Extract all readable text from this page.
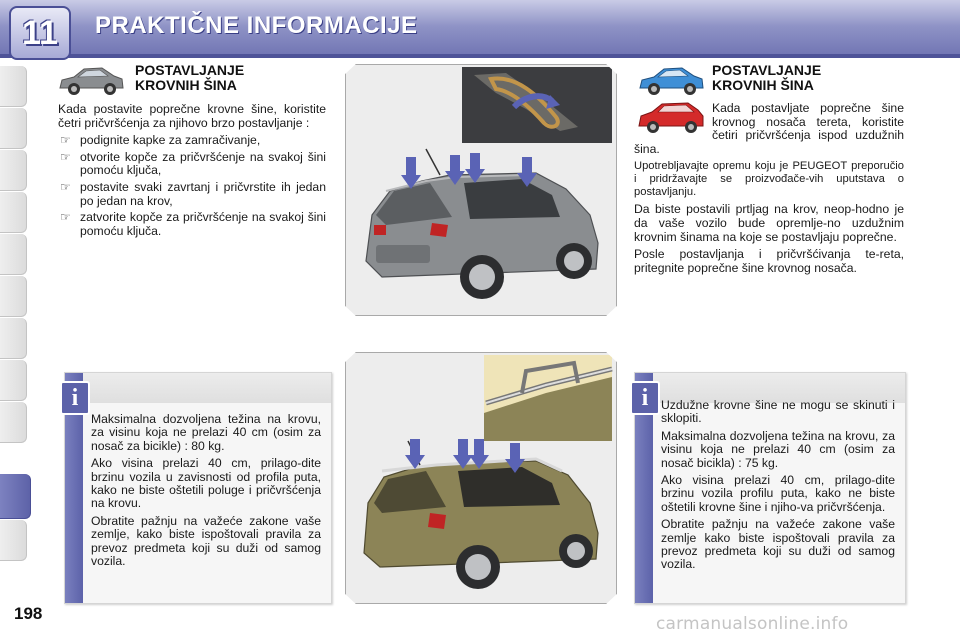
11	PRAKTIČNE INFORMACIJE
198
POSTAVLJANJE
KROVNIH ŠINA

Kada postavite poprečne krovne šine, koristite četri pričvršćenja za njihovo brzo postavljanje :

☞ podignite kapke za zamračivanje,
☞ otvorite kopče za pričvršćenje na svakoj šini pomoću ključa,
☞ postavite svaki zavrtanj i pričvrstite ih jedan po jedan na krov,
☞ zatvorite kopče za pričvršćenje na svakoj šini pomoću ključa.
POSTAVLJANJE
KROVNIH ŠINA

Kada postavljate poprečne šine krovnog nosača tereta, koristite četiri pričvršćenja ispod uzdužnih šina.

Upotrebljavajte opremu koju je PEUGEOT preporučio i pridržavajte se proizvođače-vih uputstava o postavljanju.

Da biste postavili prtljag na krov, neop-hodno je da vaše vozilo bude opremlje-no uzdužnim krovnim šinama na koje se postavljaju poprečne.

Posle postavljanja i pričvršćivanja te-reta, pritegnite poprečne šine krovnog nosača.

i

Maksimalna dozvoljena težina na krovu, za visinu koja ne prelazi 40 cm (osim za nosač za bicikle) : 80 kg.

Ako visina prelazi 40 cm, prilago-dite brzinu vozila u zavisnosti od profila puta, kako ne biste oštetili poluge i pričvršćenja na krovu.

Obratite pažnju na važeće zakone vaše zemlje, kako biste ispoštovali pravila za prevoz predmeta koji su duži od samog vozila.

i	Uzdužne krovne šine ne mogu se skinuti i sklopiti.

Maksimalna dozvoljena težina na krovu, za visinu koja ne prelazi 40 cm (osim za nosač bicikla) : 75 kg.

Ako visina prelazi 40 cm, prilago-dite brzinu vozila profilu puta, kako ne biste oštetili krovne šine i njiho-va pričvršćenja.

Obratite pažnju na važeće zakone vaše zemlje kako biste ispoštovali pravila za prevoz predmeta koji su duži od samog vozila.

carmanualsonline.info
